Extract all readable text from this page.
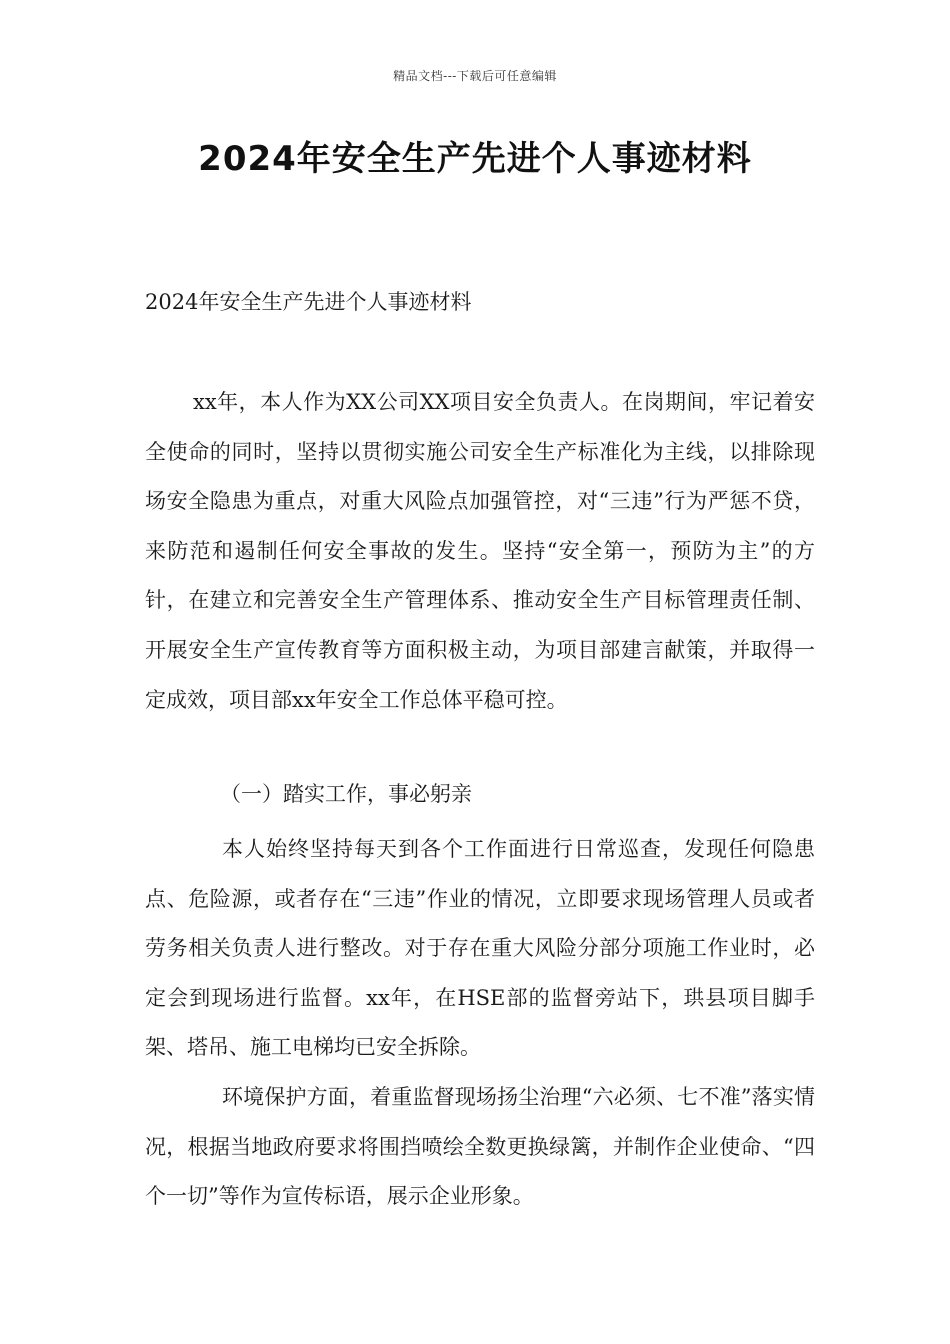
精品文档---下载后可任意编辑
2024年安全生产先进个人事迹材料

2024年安全生产先进个人事迹材料

xx年，本人作为XX公司XX项目安全负责人。在岗期间，牢记着安全使命的同时，坚持以贯彻实施公司安全生产标准化为主线，以排除现场安全隐患为重点，对重大风险点加强管控，对“三违”行为严惩不贷，来防范和遏制任何安全事故的发生。坚持“安全第一，预防为主”的方针，在建立和完善安全生产管理体系、推动安全生产目标管理责任制、开展安全生产宣传教育等方面积极主动，为项目部建言献策，并取得一定成效，项目部xx年安全工作总体平稳可控。

（一）踏实工作，事必躬亲

本人始终坚持每天到各个工作面进行日常巡查，发现任何隐患点、危险源，或者存在“三违”作业的情况，立即要求现场管理人员或者劳务相关负责人进行整改。对于存在重大风险分部分项施工作业时，必定会到现场进行监督。xx年，在HSE部的监督旁站下，珙县项目脚手架、塔吊、施工电梯均已安全拆除。

环境保护方面，着重监督现场扬尘治理“六必须、七不准”落实情况，根据当地政府要求将围挡喷绘全数更换绿篱，并制作企业使命、“四个一切”等作为宣传标语，展示企业形象。
